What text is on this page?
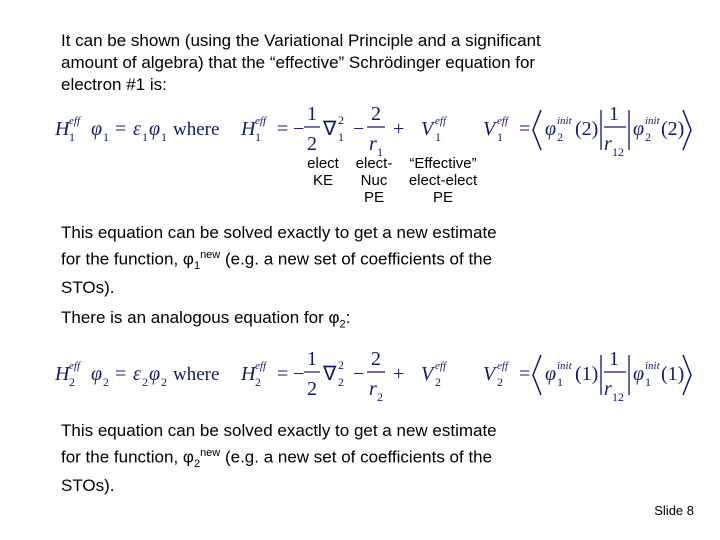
It can be shown (using the Variational Principle and a significant
amount of algebra) that the “effective” Schrödinger equation for
electron #1 is:

H 1
eff φ 1 = ε 1 φ 1 where H 1
eff = −
1
2
∇ 2
1 −
2
r 1
+ V 1
eff V 1
eff = φ 2
init (2)
1
r 12
φ 2
init (2)
elect
KE
elect-
Nuc
PE
“Effective”
elect-elect
PE

This equation can be solved exactly to get a new estimate
for the function, $\varphi_1^{new}$ (e.g. a new set of coefficients of the
STOs).

There is an analogous equation for $\varphi_2$:

H 2
eff φ 2 = ε 2 φ 2 where H 2
eff = −
1
2
∇ 2
2 −
2
r 2
+ V 2
eff V 2
eff = φ 1
init (1)
1
r 12
φ 1
init (1)

This equation can be solved exactly to get a new estimate
for the function, $\varphi_2^{new}$ (e.g. a new set of coefficients of the
STOs).

Slide 8
